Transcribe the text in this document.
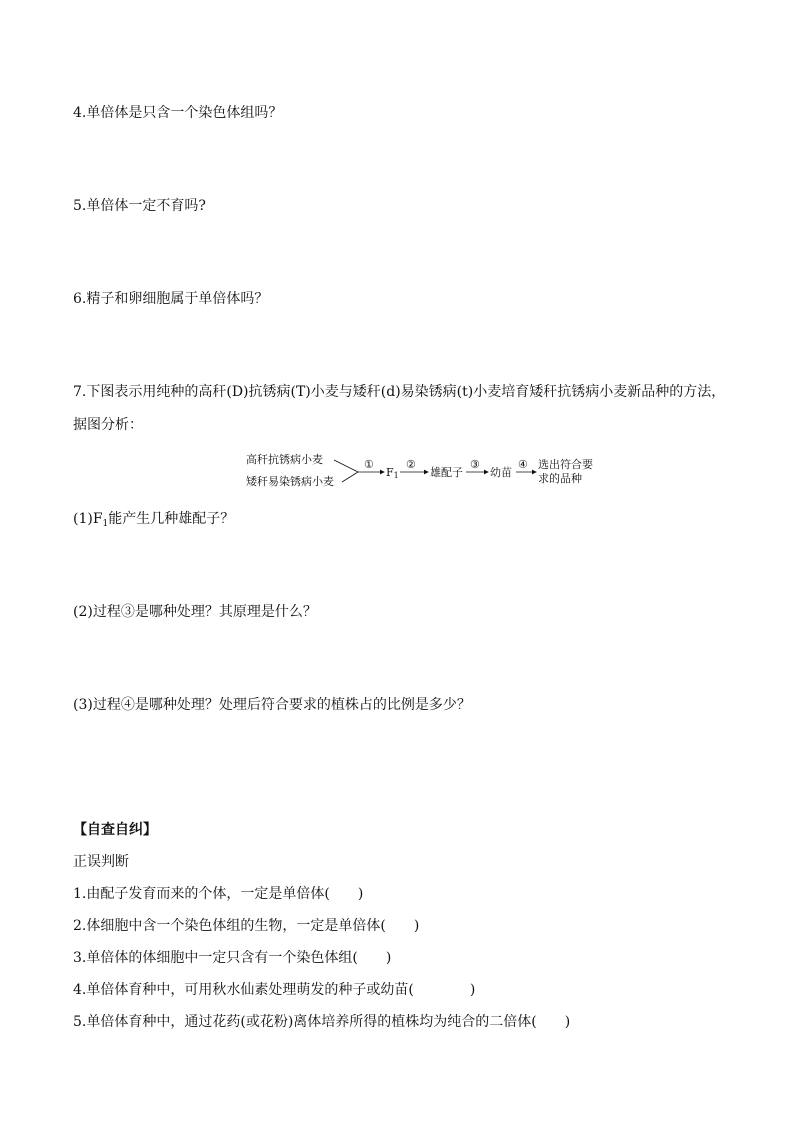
4.单倍体是只含一个染色体组吗？
5.单倍体一定不育吗?
6.精子和卵细胞属于单倍体吗？
7.下图表示用纯种的高秆(D)抗锈病(T)小麦与矮秆(d)易染锈病(t)小麦培育矮秆抗锈病小麦新品种的方法，
据图分析：
高秆抗锈病小麦
矮秆易染锈病小麦
①
F1
②
雄配子
③
幼苗
④ 选出符合要
求的品种
$(1)F_1$能产生几种雄配子？
(2)过程③是哪种处理？其原理是什么？
(3)过程④是哪种处理？处理后符合要求的植株占的比例是多少？
【自查自纠】
正误判断
1.由配子发育而来的个体，一定是单倍体(　　)
2.体细胞中含一个染色体组的生物，一定是单倍体(　　)
3.单倍体的体细胞中一定只含有一个染色体组(　　)
4.单倍体育种中，可用秋水仙素处理萌发的种子或幼苗(　　　　)
5.单倍体育种中，通过花药(或花粉)离体培养所得的植株均为纯合的二倍体(　　)
